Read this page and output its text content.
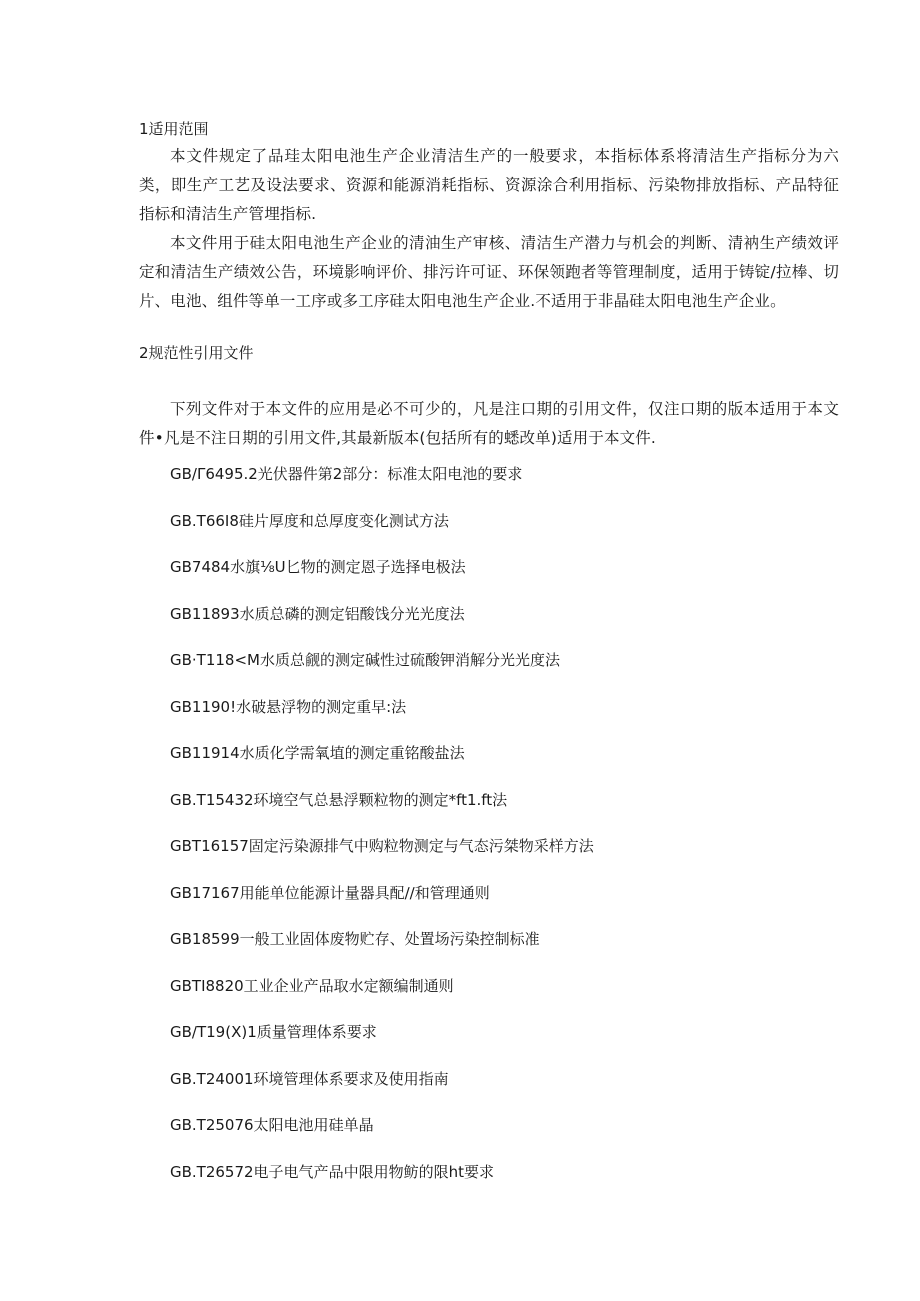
1适用范围

本文件规定了品珪太阳电池生产企业清洁生产的一般要求，本指标体系将清洁生产指标分为六类，即生产工艺及设法要求、资源和能源消耗指标、资源涂合利用指标、污染物排放指标、产品特征指标和清洁生产管埋指标.

本文件用于硅太阳电池生产企业的清油生产审核、清洁生产潜力与机会的判断、清衲生产绩效评定和清洁生产绩效公告，环境影响评价、排污许可证、环保领跑者等管理制度，适用于铸锭/拉棒、切片、电池、组件等单一工序或多工序硅太阳电池生产企业.不适用于非晶硅太阳电池生产企业。

2规范性引用文件

下列文件对于本文件的应用是必不可少的，凡是注口期的引用文件，仅注口期的版本适用于本文件•凡是不注日期的引用文件,其最新版本(包括所有的蟋改单)适用于本文件.

GB/Γ6495.2光伏器件第2部分：标准太阳电池的要求
GB.T66I8硅片厚度和总厚度变化测试方法
GB7484水旗⅛U匕物的测定恩子选择电极法
GB11893水质总磷的测定铝酸饯分光光度法
GB·T118<M水质总觎的测定碱性过硫酸钾消解分光光度法
GB1190!水破悬浮物的测定重早:法
GB11914水质化学需氧埴的测定重铭酸盐法
GB.T15432环境空气总悬浮颗粒物的测定*ft1.ft法
GBT16157固定污染源排气中购粒物测定与气态污桀物采样方法
GB17167用能单位能源计量器具配∕∕和管理通则
GB18599一般工业固体废物贮存、处置场污染控制标准
GBTI8820工业企业产品取水定额编制通则
GB/T19(X)1质量管理体系要求
GB.T24001环境管理体系要求及使用指南
GB.T25076太阳电池用硅单晶
GB.T26572电子电气产品中限用物鲂的限ht要求
